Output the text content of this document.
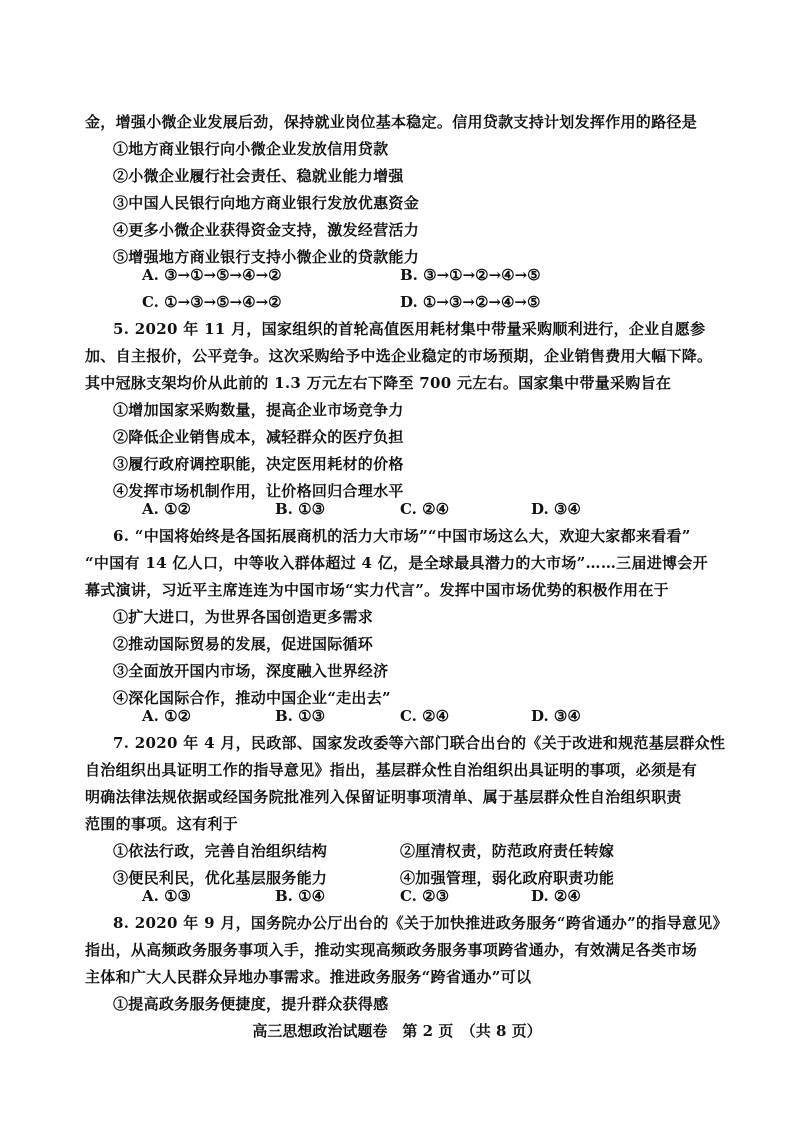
金，增强小微企业发展后劲，保持就业岗位基本稳定。信用贷款支持计划发挥作用的路径是
①地方商业银行向小微企业发放信用贷款
②小微企业履行社会责任、稳就业能力增强
③中国人民银行向地方商业银行发放优惠资金
④更多小微企业获得资金支持，激发经营活力
⑤增强地方商业银行支持小微企业的贷款能力
A. ③→①→⑤→④→②	B. ③→①→②→④→⑤
C. ①→③→⑤→④→②	D. ①→③→②→④→⑤
5. 2020 年 11 月，国家组织的首轮高值医用耗材集中带量采购顺利进行，企业自愿参
加、自主报价，公平竞争。这次采购给予中选企业稳定的市场预期，企业销售费用大幅下降。
其中冠脉支架均价从此前的 1.3 万元左右下降至 700 元左右。国家集中带量采购旨在
①增加国家采购数量，提高企业市场竞争力
②降低企业销售成本，减轻群众的医疗负担
③履行政府调控职能，决定医用耗材的价格
④发挥市场机制作用，让价格回归合理水平
A. ①②	B. ①③	C. ②④	D. ③④
6. “中国将始终是各国拓展商机的活力大市场”“中国市场这么大，欢迎大家都来看看”
“中国有 14 亿人口，中等收入群体超过 4 亿，是全球最具潜力的大市场”……三届进博会开
幕式演讲，习近平主席连连为中国市场“实力代言”。发挥中国市场优势的积极作用在于
①扩大进口，为世界各国创造更多需求
②推动国际贸易的发展，促进国际循环
③全面放开国内市场，深度融入世界经济
④深化国际合作，推动中国企业“走出去”
A. ①②	B. ①③	C. ②④	D. ③④
7. 2020 年 4 月，民政部、国家发改委等六部门联合出台的《关于改进和规范基层群众性
自治组织出具证明工作的指导意见》指出，基层群众性自治组织出具证明的事项，必须是有
明确法律法规依据或经国务院批准列入保留证明事项清单、属于基层群众性自治组织职责
范围的事项。这有利于
①依法行政，完善自治组织结构	②厘清权责，防范政府责任转嫁
③便民利民，优化基层服务能力	④加强管理，弱化政府职责功能
A. ①③	B. ①④	C. ②③	D. ②④
8. 2020 年 9 月，国务院办公厅出台的《关于加快推进政务服务“跨省通办”的指导意见》
指出，从高频政务服务事项入手，推动实现高频政务服务事项跨省通办，有效满足各类市场
主体和广大人民群众异地办事需求。推进政务服务“跨省通办”可以
①提高政务服务便捷度，提升群众获得感
高三思想政治试题卷　第 2 页　（共 8 页）
